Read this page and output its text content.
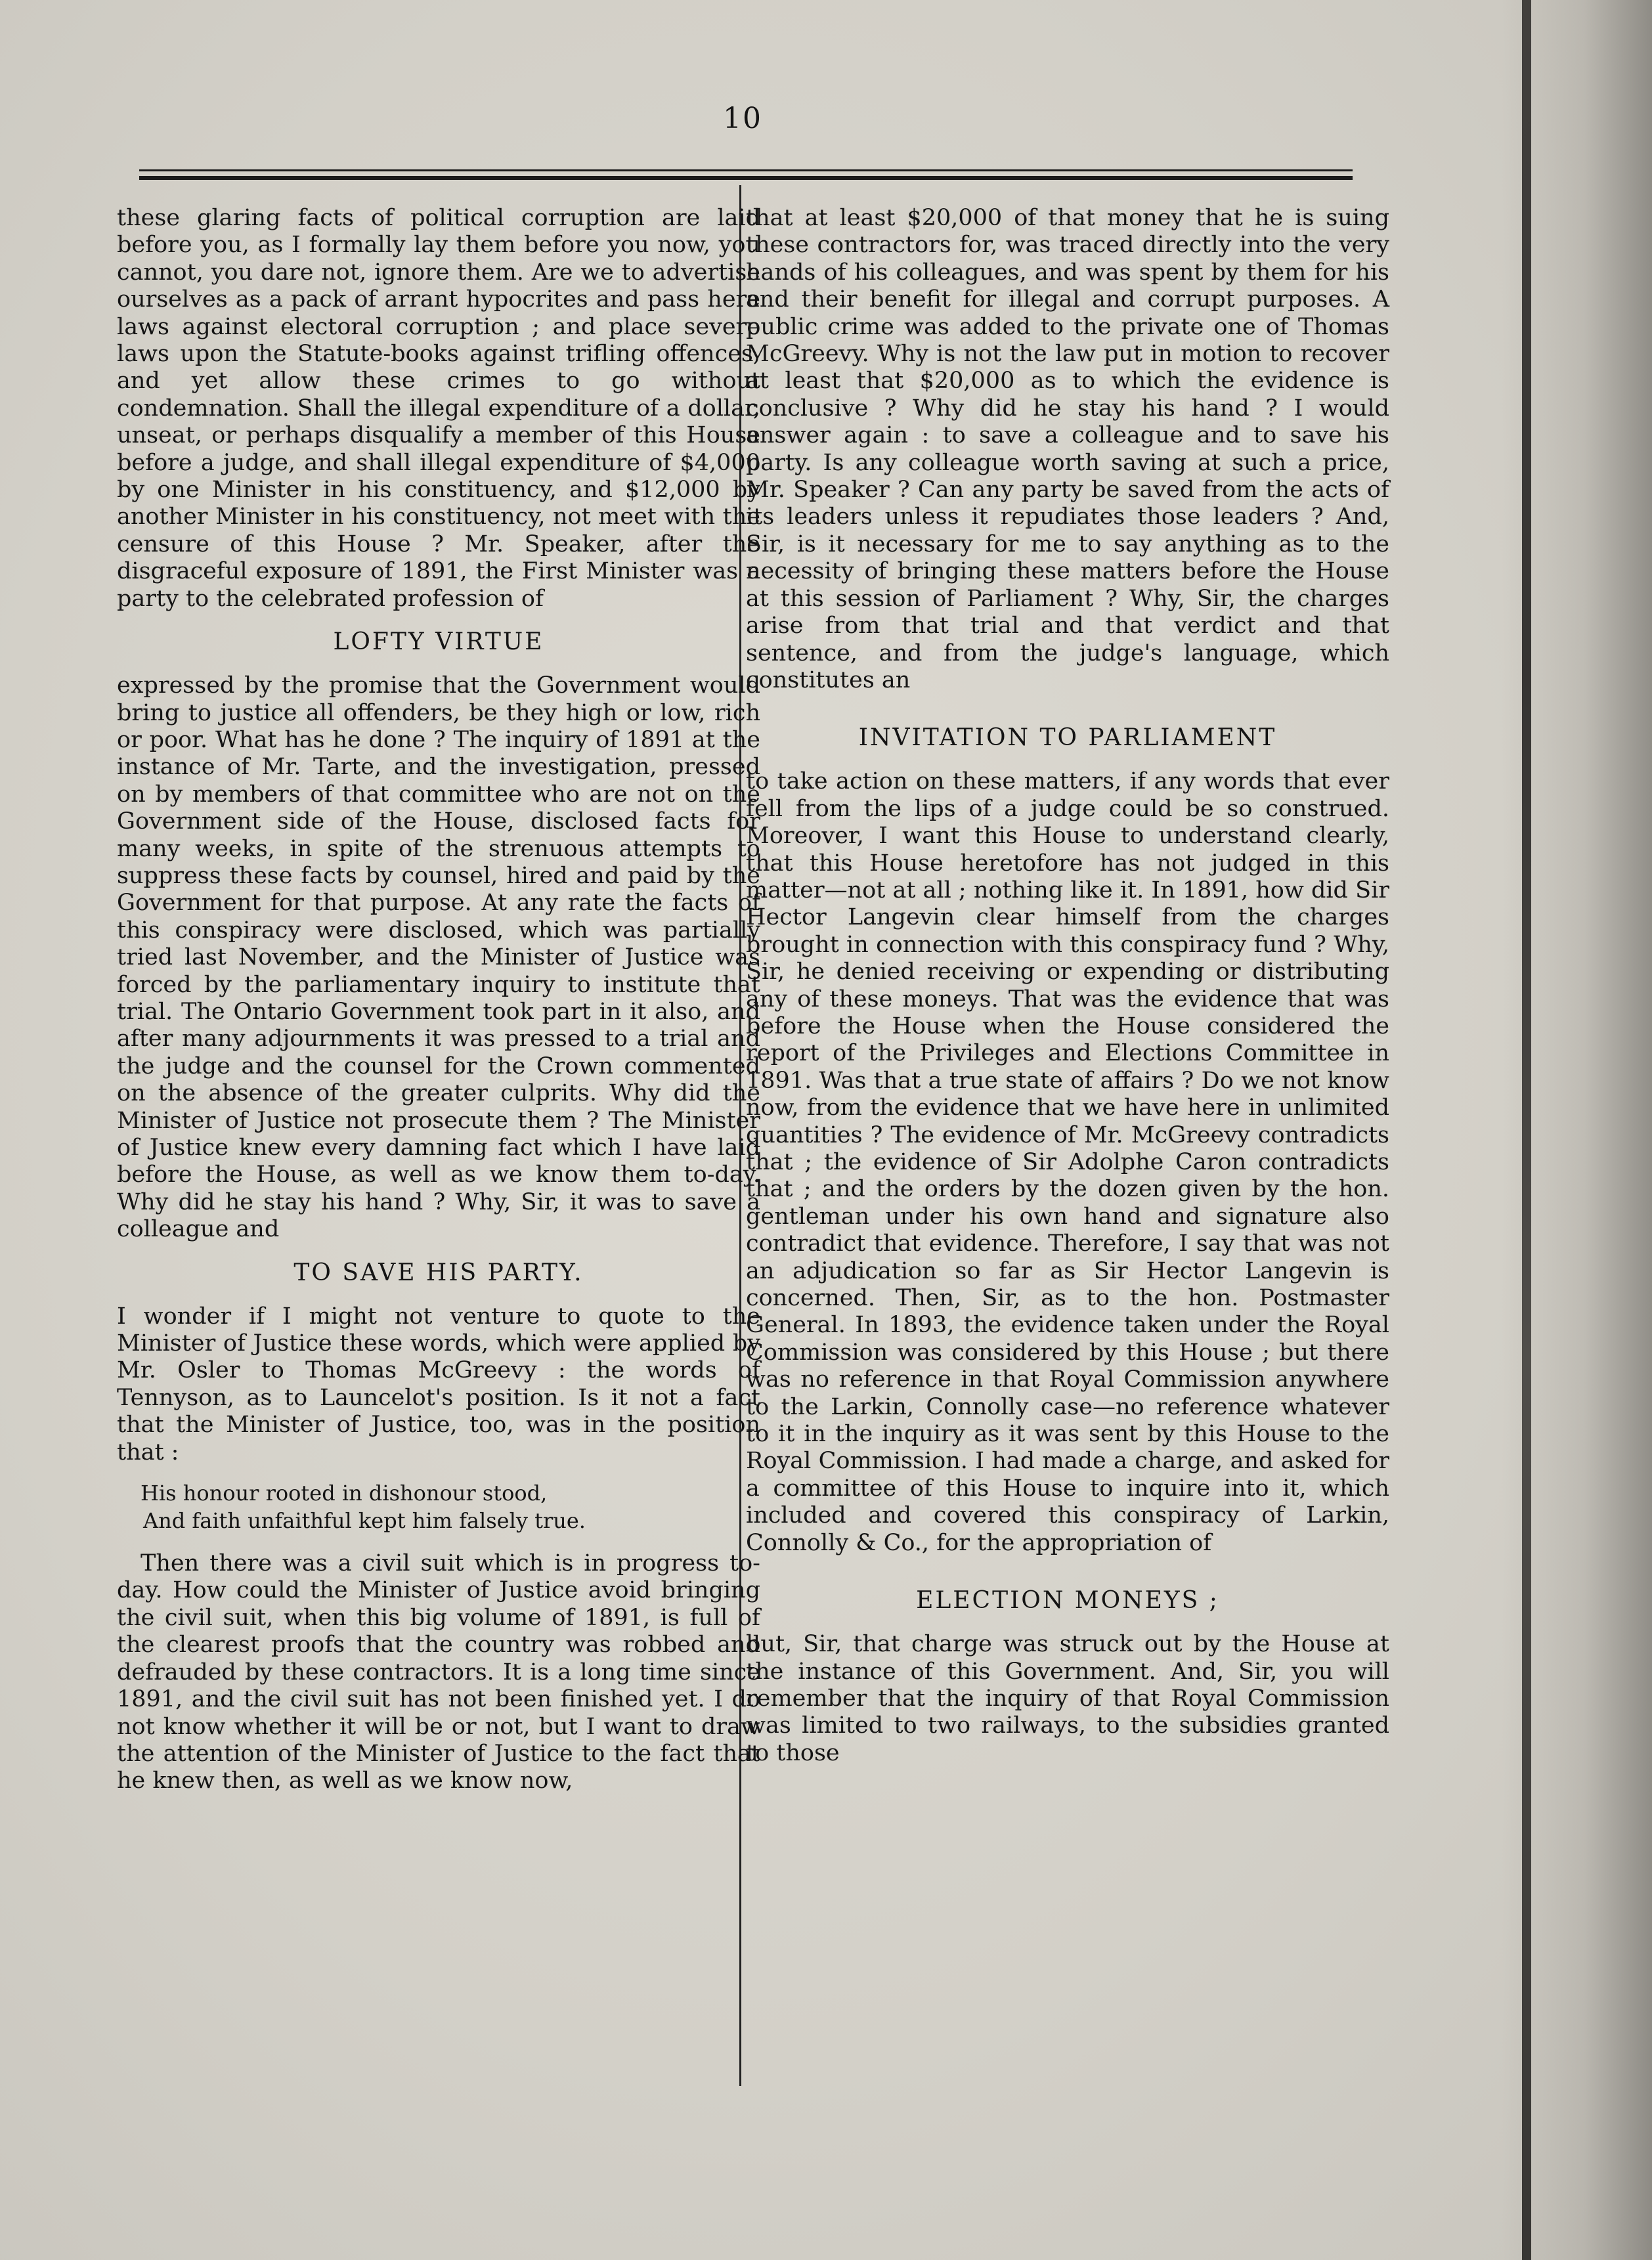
10

these glaring facts of political corruption are laid before you, as I formally lay them before you now, you cannot, you dare not, ignore them. Are we to advertise ourselves as a pack of arrant hypocrites and pass here laws against electoral corruption ; and place severe laws upon the Statute-books against trifling offences, and yet allow these crimes to go without condemnation. Shall the illegal expenditure of a dollar, unseat, or perhaps disqualify a member of this House before a judge, and shall illegal expenditure of $4,000 by one Minister in his constituency, and $12,000 by another Minister in his constituency, not meet with the censure of this House ? Mr. Speaker, after the disgraceful exposure of 1891, the First Minister was a party to the celebrated profession of

LOFTY VIRTUE

expressed by the promise that the Government would bring to justice all offenders, be they high or low, rich or poor. What has he done ? The inquiry of 1891 at the instance of Mr. Tarte, and the investigation, pressed on by members of that committee who are not on the Government side of the House, disclosed facts for many weeks, in spite of the strenuous attempts to suppress these facts by counsel, hired and paid by the Government for that purpose. At any rate the facts of this conspiracy were disclosed, which was partially tried last November, and the Minister of Justice was forced by the parliamentary inquiry to institute that trial. The Ontario Government took part in it also, and after many adjournments it was pressed to a trial and the judge and the counsel for the Crown commented on the absence of the greater culprits. Why did the Minister of Justice not prosecute them ? The Minister of Justice knew every damning fact which I have laid before the House, as well as we know them to-day. Why did he stay his hand ? Why, Sir, it was to save a colleague and

TO SAVE HIS PARTY.

I wonder if I might not venture to quote to the Minister of Justice these words, which were applied by Mr. Osler to Thomas McGreevy : the words of Tennyson, as to Launcelot's position. Is it not a fact that the Minister of Justice, too, was in the position that :

His honour rooted in dishonour stood,
And faith unfaithful kept him falsely true.

Then there was a civil suit which is in progress to-day. How could the Minister of Justice avoid bringing the civil suit, when this big volume of 1891, is full of the clearest proofs that the country was robbed and defrauded by these contractors. It is a long time since 1891, and the civil suit has not been finished yet. I do not know whether it will be or not, but I want to draw the attention of the Minister of Justice to the fact that he knew then, as well as we know now,

that at least $20,000 of that money that he is suing these contractors for, was traced directly into the very hands of his colleagues, and was spent by them for his and their benefit for illegal and corrupt purposes. A public crime was added to the private one of Thomas McGreevy. Why is not the law put in motion to recover at least that $20,000 as to which the evidence is conclusive ? Why did he stay his hand ? I would answer again : to save a colleague and to save his party. Is any colleague worth saving at such a price, Mr. Speaker ? Can any party be saved from the acts of its leaders unless it repudiates those leaders ? And, Sir, is it necessary for me to say anything as to the necessity of bringing these matters before the House at this session of Parliament ? Why, Sir, the charges arise from that trial and that verdict and that sentence, and from the judge's language, which constitutes an

INVITATION TO PARLIAMENT

to take action on these matters, if any words that ever fell from the lips of a judge could be so construed. Moreover, I want this House to understand clearly, that this House heretofore has not judged in this matter—not at all ; nothing like it. In 1891, how did Sir Hector Langevin clear himself from the charges brought in connection with this conspiracy fund ? Why, Sir, he denied receiving or expending or distributing any of these moneys. That was the evidence that was before the House when the House considered the report of the Privileges and Elections Committee in 1891. Was that a true state of affairs ? Do we not know now, from the evidence that we have here in unlimited quantities ? The evidence of Mr. McGreevy contradicts that ; the evidence of Sir Adolphe Caron contradicts that ; and the orders by the dozen given by the hon. gentleman under his own hand and signature also contradict that evidence. Therefore, I say that was not an adjudication so far as Sir Hector Langevin is concerned. Then, Sir, as to the hon. Postmaster General. In 1893, the evidence taken under the Royal Commission was considered by this House ; but there was no reference in that Royal Commission anywhere to the Larkin, Connolly case—no reference whatever to it in the inquiry as it was sent by this House to the Royal Commission. I had made a charge, and asked for a committee of this House to inquire into it, which included and covered this conspiracy of Larkin, Connolly & Co., for the appropriation of

ELECTION MONEYS ;

but, Sir, that charge was struck out by the House at the instance of this Government. And, Sir, you will remember that the inquiry of that Royal Commission was limited to two railways, to the subsidies granted to those
